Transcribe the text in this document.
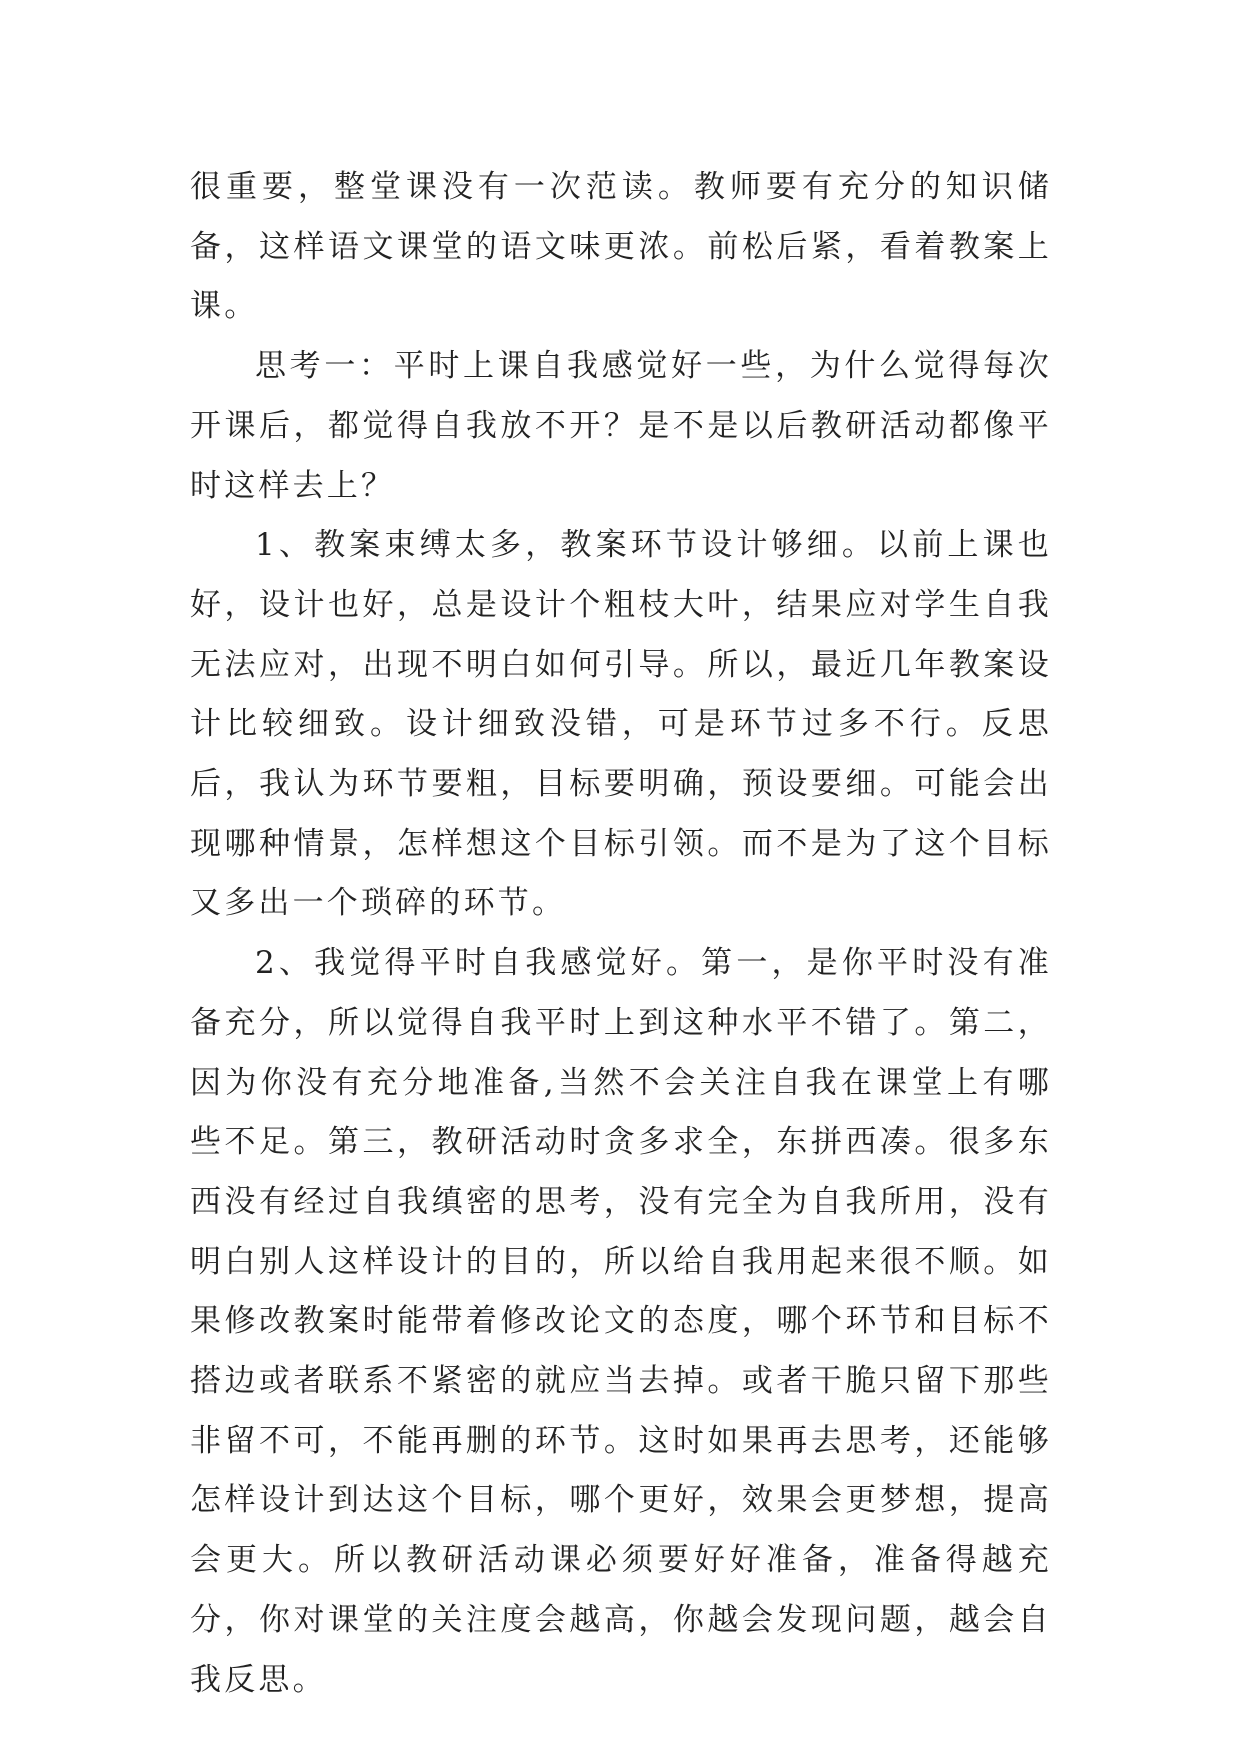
很重要，整堂课没有一次范读。教师要有充分的知识储备，这样语文课堂的语文味更浓。前松后紧，看着教案上课。

思考一：平时上课自我感觉好一些，为什么觉得每次开课后，都觉得自我放不开？是不是以后教研活动都像平时这样去上？

1、教案束缚太多，教案环节设计够细。以前上课也好，设计也好，总是设计个粗枝大叶，结果应对学生自我无法应对，出现不明白如何引导。所以，最近几年教案设计比较细致。设计细致没错，可是环节过多不行。反思后，我认为环节要粗，目标要明确，预设要细。可能会出现哪种情景，怎样想这个目标引领。而不是为了这个目标又多出一个琐碎的环节。

2、我觉得平时自我感觉好。第一，是你平时没有准备充分，所以觉得自我平时上到这种水平不错了。第二，因为你没有充分地准备,当然不会关注自我在课堂上有哪些不足。第三，教研活动时贪多求全，东拼西凑。很多东西没有经过自我缜密的思考，没有完全为自我所用，没有明白别人这样设计的目的，所以给自我用起来很不顺。如果修改教案时能带着修改论文的态度，哪个环节和目标不搭边或者联系不紧密的就应当去掉。或者干脆只留下那些非留不可，不能再删的环节。这时如果再去思考，还能够怎样设计到达这个目标，哪个更好，效果会更梦想，提高会更大。所以教研活动课必须要好好准备，准备得越充分，你对课堂的关注度会越高，你越会发现问题，越会自我反思。
